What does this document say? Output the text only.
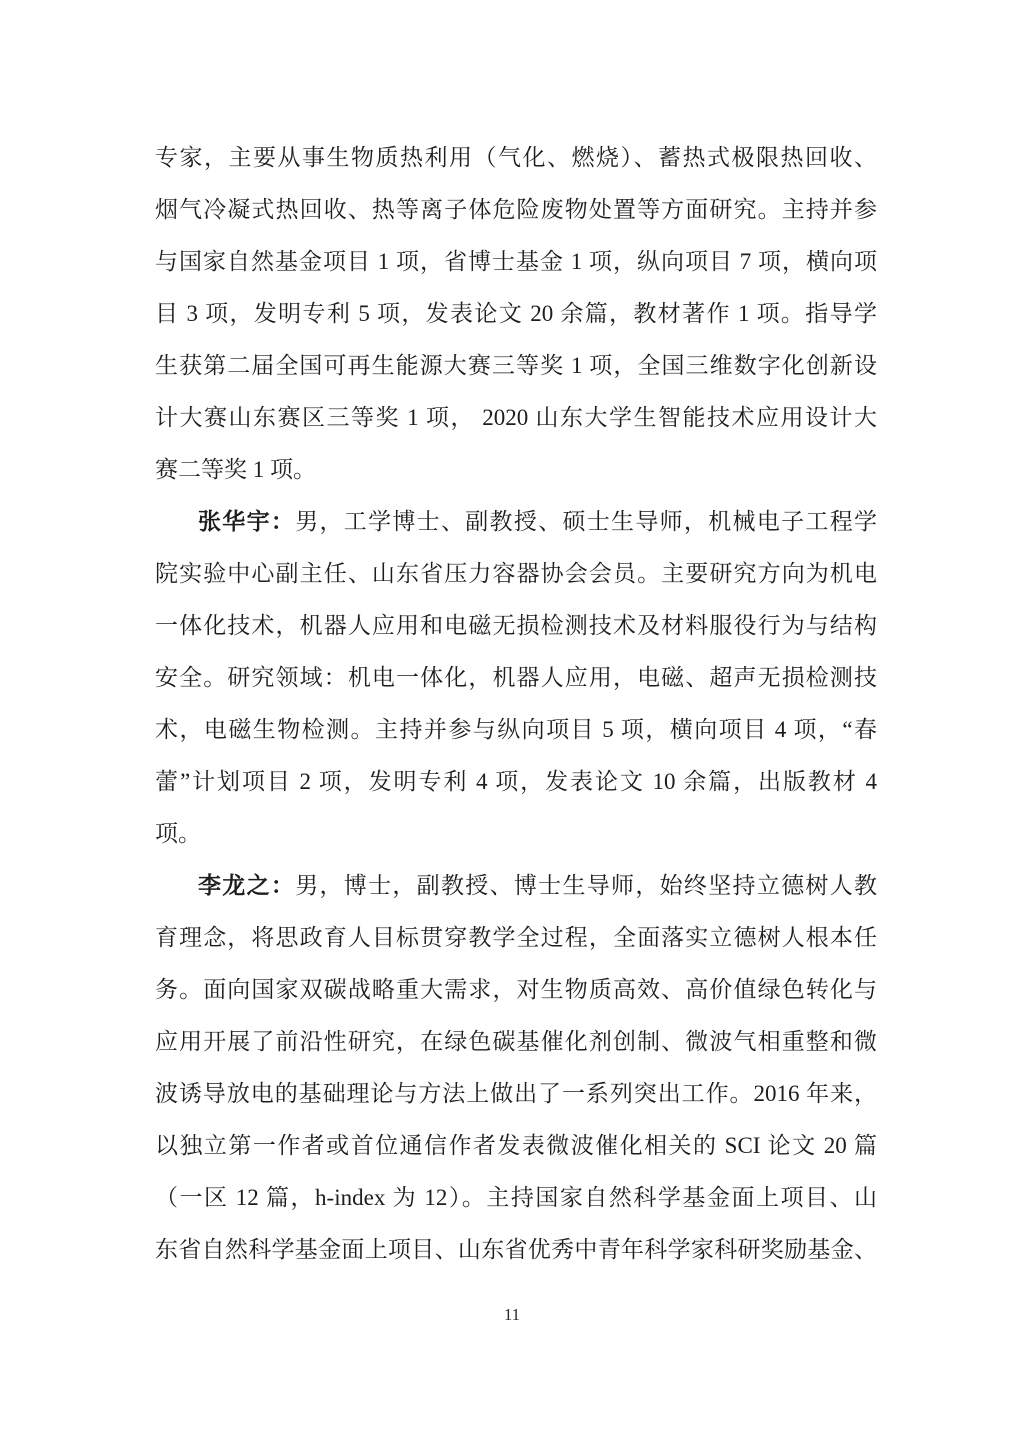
专家，主要从事生物质热利用（气化、燃烧）、蓄热式极限热回收、
烟气冷凝式热回收、热等离子体危险废物处置等方面研究。主持并参
与国家自然基金项目 1 项，省博士基金 1 项，纵向项目 7 项，横向项
目 3 项，发明专利 5 项，发表论文 20 余篇，教材著作 1 项。指导学
生获第二届全国可再生能源大赛三等奖 1 项，全国三维数字化创新设
计大赛山东赛区三等奖 1 项， 2020 山东大学生智能技术应用设计大
赛二等奖 1 项。
张华宇：男，工学博士、副教授、硕士生导师，机械电子工程学
院实验中心副主任、山东省压力容器协会会员。主要研究方向为机电
一体化技术，机器人应用和电磁无损检测技术及材料服役行为与结构
安全。研究领域：机电一体化，机器人应用，电磁、超声无损检测技
术，电磁生物检测。主持并参与纵向项目 5 项，横向项目 4 项，“春
蕾”计划项目 2 项，发明专利 4 项，发表论文 10 余篇，出版教材 4
项。
李龙之：男，博士，副教授、博士生导师，始终坚持立德树人教
育理念，将思政育人目标贯穿教学全过程，全面落实立德树人根本任
务。面向国家双碳战略重大需求，对生物质高效、高价值绿色转化与
应用开展了前沿性研究，在绿色碳基催化剂创制、微波气相重整和微
波诱导放电的基础理论与方法上做出了一系列突出工作。2016 年来，
以独立第一作者或首位通信作者发表微波催化相关的 SCI 论文 20 篇
（一区 12 篇，h-index 为 12）。主持国家自然科学基金面上项目、山
东省自然科学基金面上项目、山东省优秀中青年科学家科研奖励基金、
11
